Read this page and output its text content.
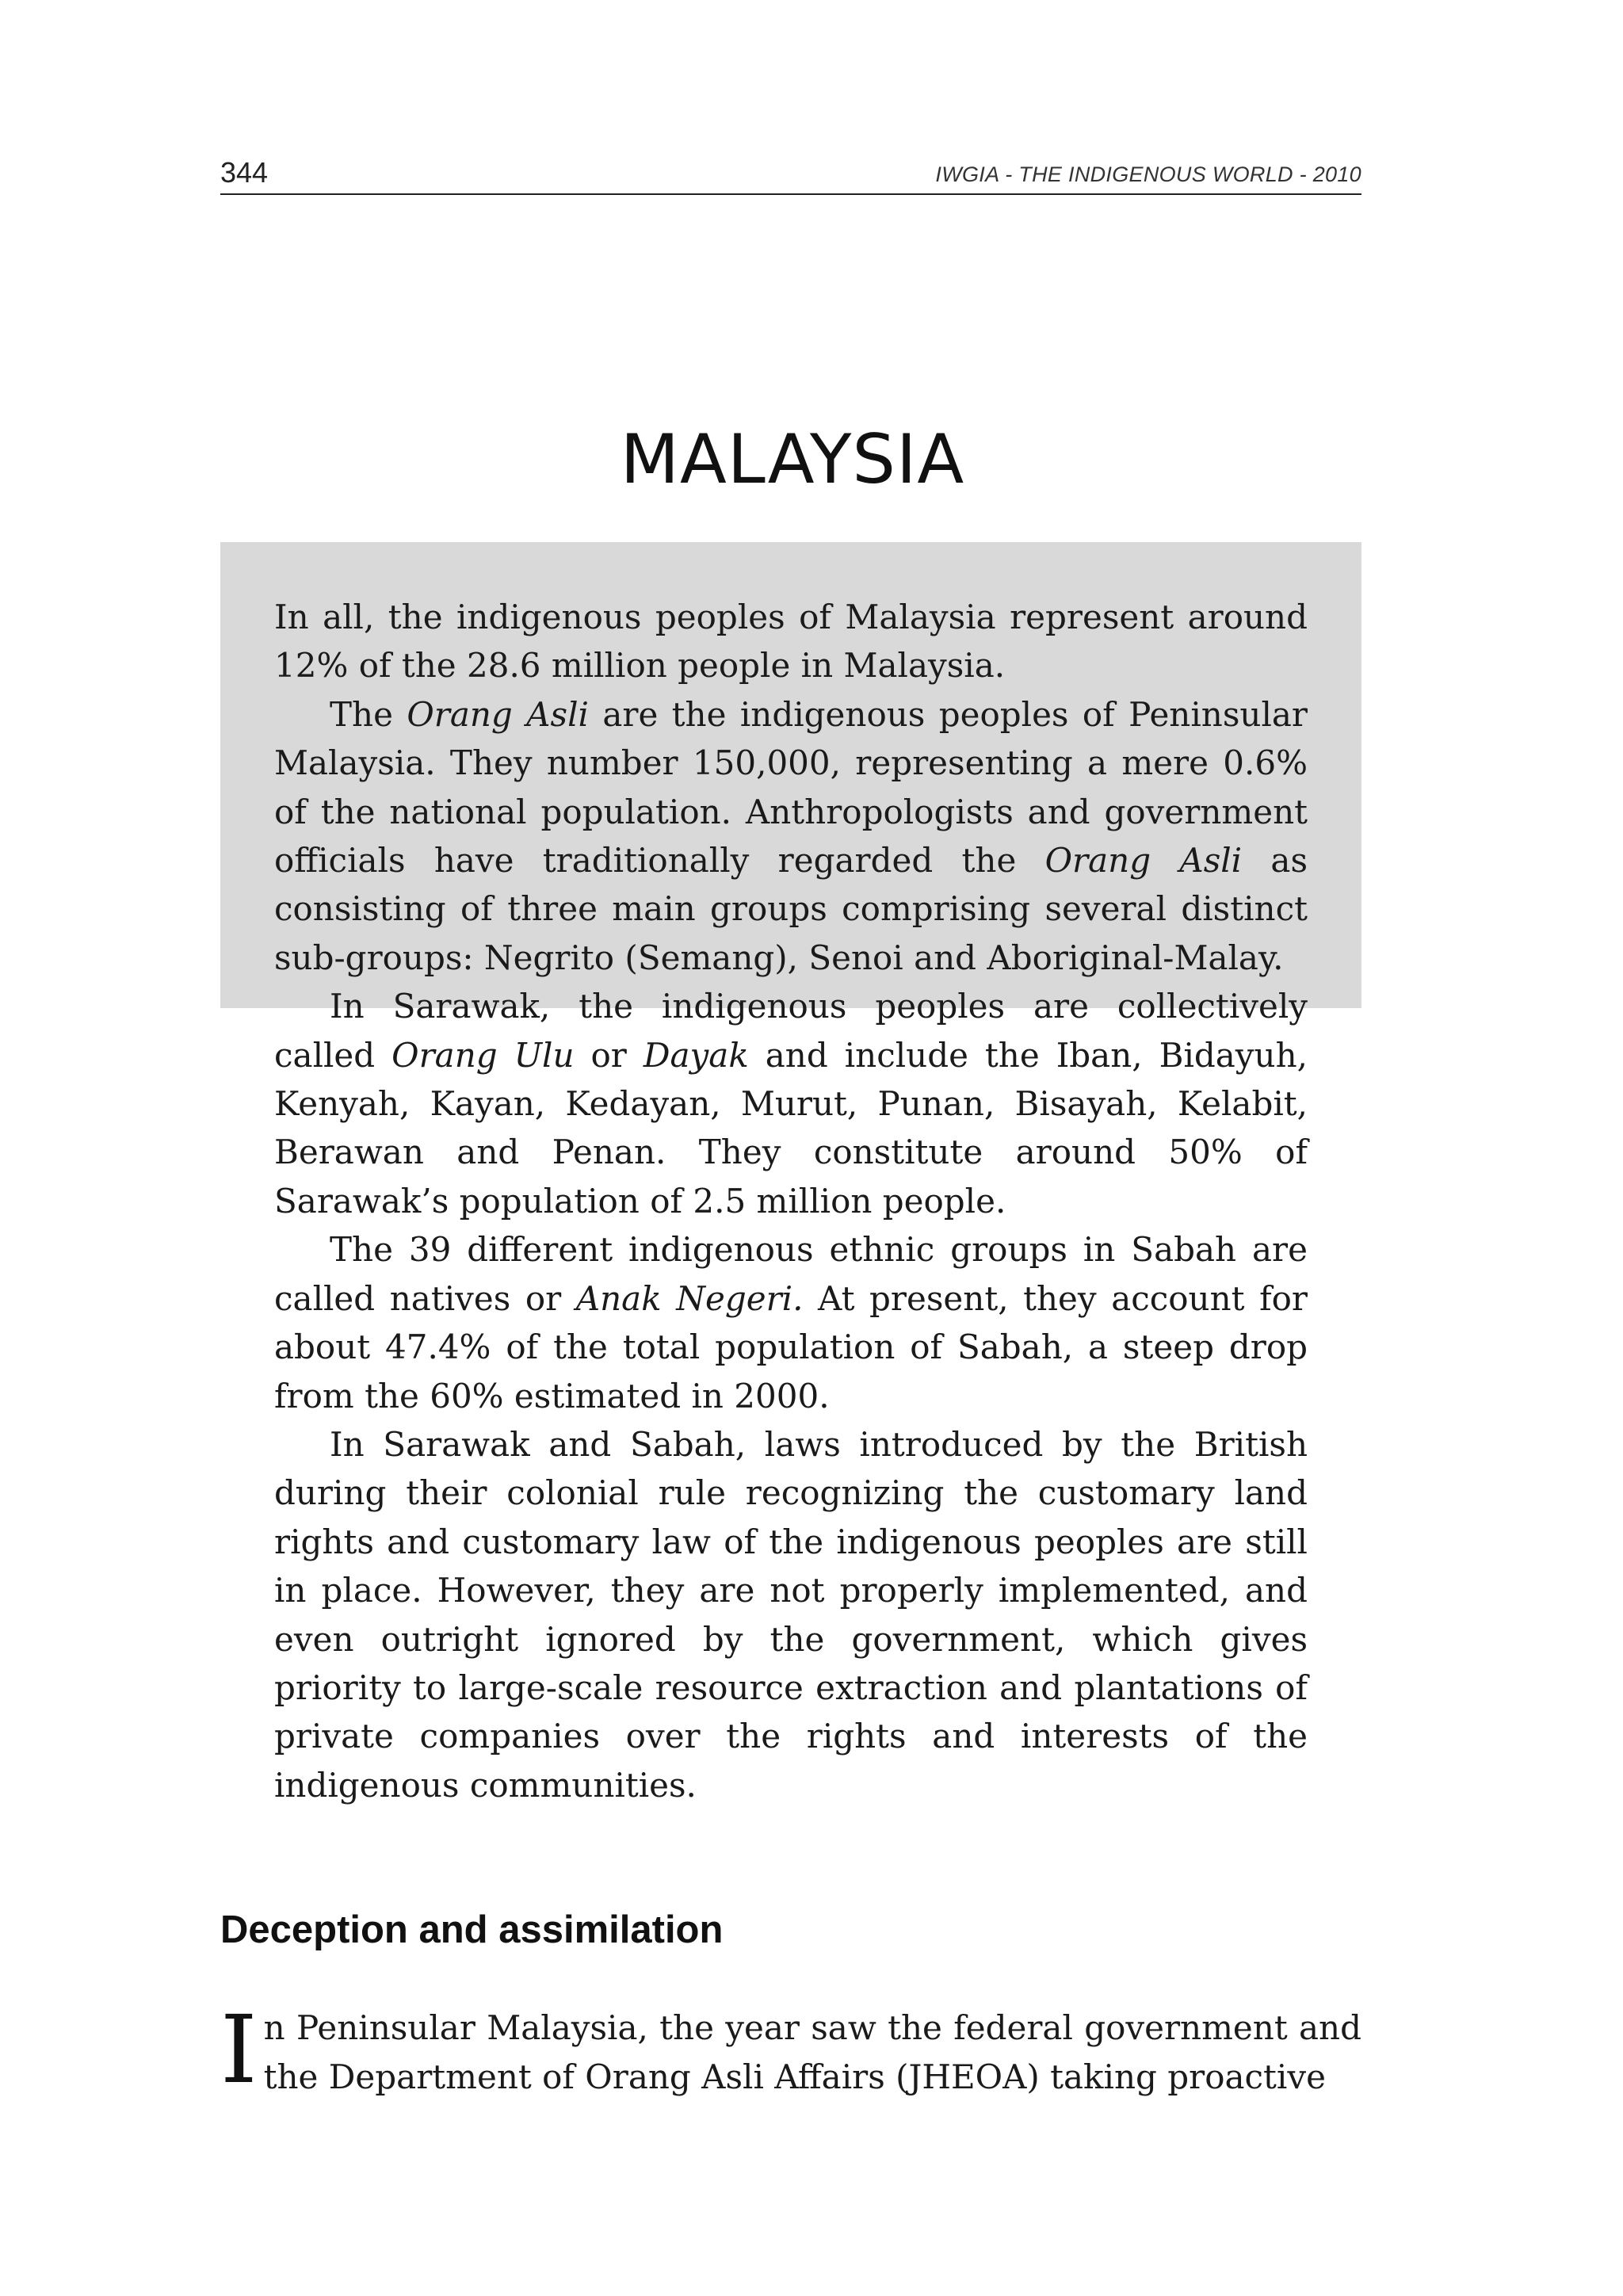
344	IWGIA - THE INDIGENOUS WORLD - 2010
MALAYSIA

In all, the indigenous peoples of Malaysia represent around 12% of the 28.6 million people in Malaysia.

The Orang Asli are the indigenous peoples of Peninsular Malaysia. They number 150,000, representing a mere 0.6% of the national population. Anthropologists and government officials have traditionally regarded the Orang Asli as consisting of three main groups comprising several distinct sub-groups: Negrito (Semang), Senoi and Aboriginal-Malay.

In Sarawak, the indigenous peoples are collectively called Orang Ulu or Dayak and include the Iban, Bidayuh, Kenyah, Kayan, Kedayan, Murut, Punan, Bisayah, Kelabit, Berawan and Penan. They constitute around 50% of Sarawak’s population of 2.5 million people.

The 39 different indigenous ethnic groups in Sabah are called natives or Anak Negeri. At present, they account for about 47.4% of the total population of Sabah, a steep drop from the 60% estimated in 2000.

In Sarawak and Sabah, laws introduced by the British during their colonial rule recognizing the customary land rights and customary law of the indigenous peoples are still in place. However, they are not properly implemented, and even outright ignored by the government, which gives priority to large-scale resource extraction and plantations of private companies over the rights and interests of the indigenous communities.

Deception and assimilation

In Peninsular Malaysia, the year saw the federal government and the Department of Orang Asli Affairs (JHEOA) taking proactive
